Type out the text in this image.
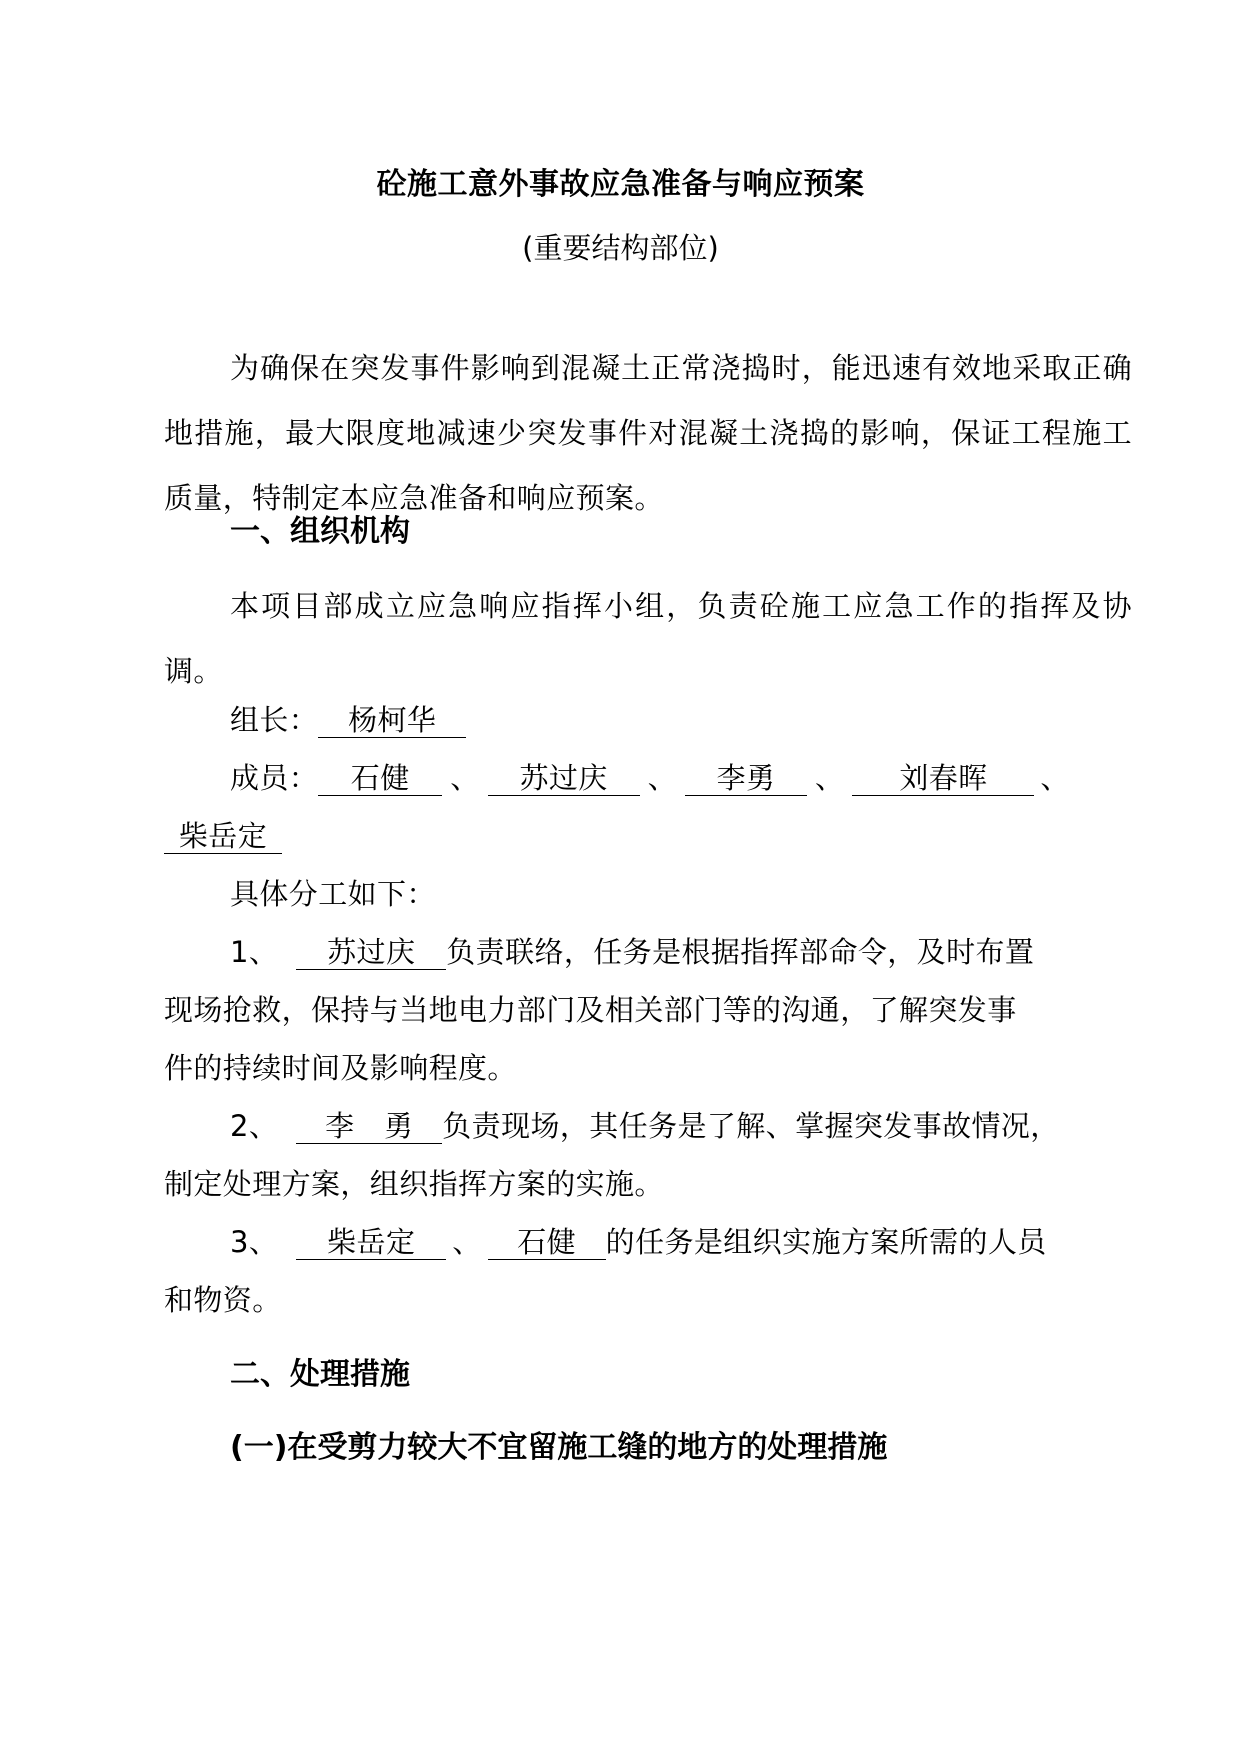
砼施工意外事故应急准备与响应预案
(重要结构部位)
为确保在突发事件影响到混凝土正常浇捣时，能迅速有效地采取正确地措施，最大限度地减速少突发事件对混凝土浇捣的影响，保证工程施工质量，特制定本应急准备和响应预案。
一、组织机构
本项目部成立应急响应指挥小组，负责砼施工应急工作的指挥及协调。
组长： 杨柯华
成员： 石健 、 苏过庆 、 李勇 、 刘春晖 、
柴岳定
具体分工如下：
1、 苏过庆 负责联络，任务是根据指挥部命令，及时布置
现场抢救，保持与当地电力部门及相关部门等的沟通，了解突发事
件的持续时间及影响程度。
2、 李　勇 负责现场，其任务是了解、掌握突发事故情况，
制定处理方案，组织指挥方案的实施。
3、 柴岳定 、 石健 的任务是组织实施方案所需的人员
和物资。
二、处理措施
(一)在受剪力较大不宜留施工缝的地方的处理措施
